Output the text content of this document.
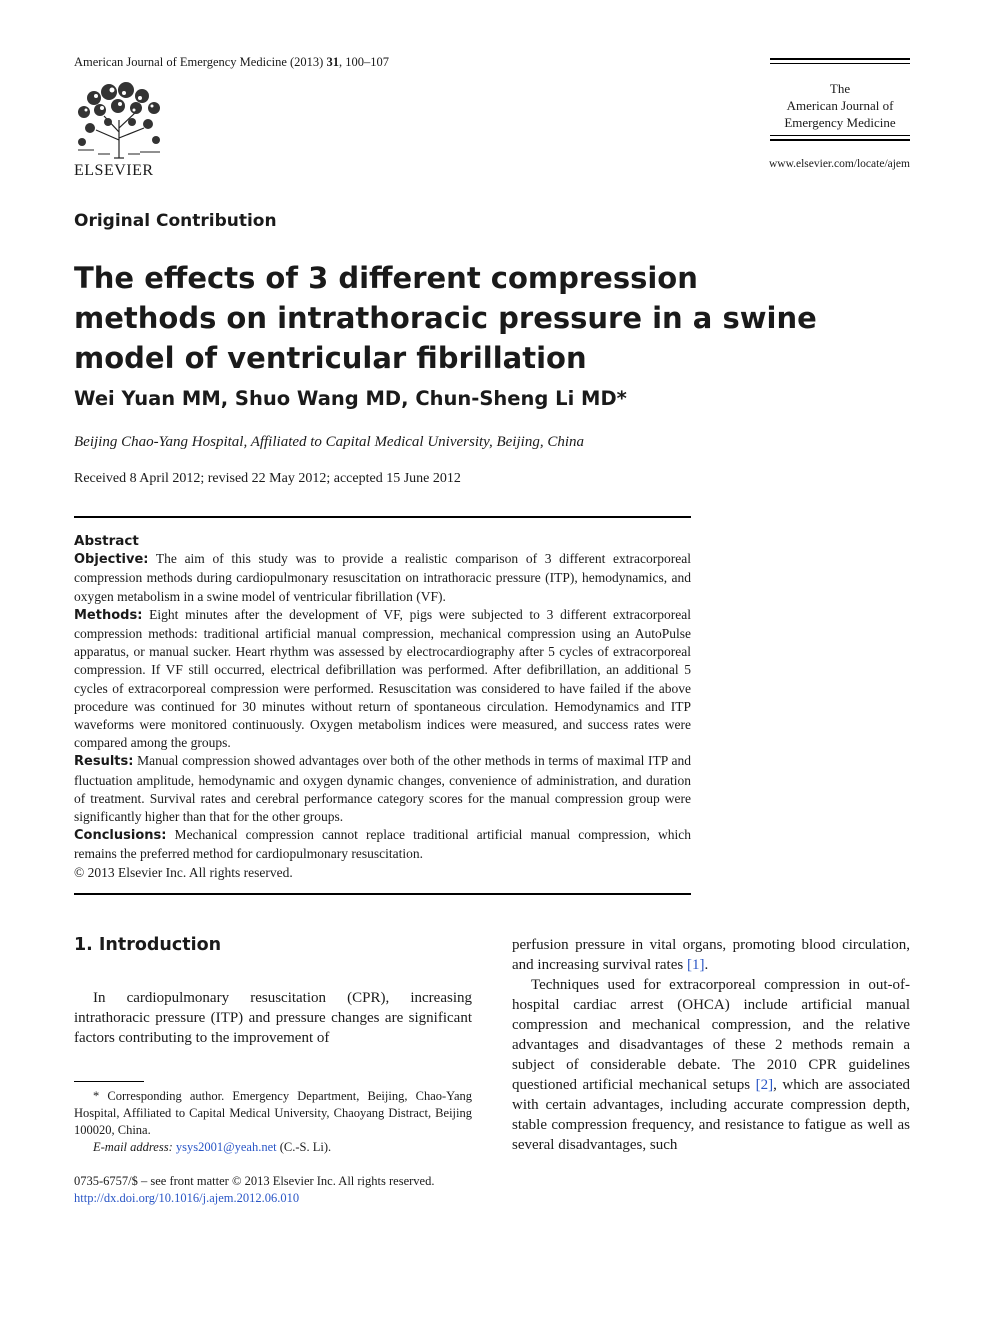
American Journal of Emergency Medicine (2013) 31, 100–107
ELSEVIER
The
American Journal of
Emergency Medicine
www.elsevier.com/locate/ajem
Original Contribution
The effects of 3 different compression methods on intrathoracic pressure in a swine model of ventricular fibrillation
Wei Yuan MM, Shuo Wang MD, Chun-Sheng Li MD*
Beijing Chao-Yang Hospital, Affiliated to Capital Medical University, Beijing, China
Received 8 April 2012; revised 22 May 2012; accepted 15 June 2012
Abstract

Objective: The aim of this study was to provide a realistic comparison of 3 different extracorporeal compression methods during cardiopulmonary resuscitation on intrathoracic pressure (ITP), hemodynamics, and oxygen metabolism in a swine model of ventricular fibrillation (VF).

Methods: Eight minutes after the development of VF, pigs were subjected to 3 different extracorporeal compression methods: traditional artificial manual compression, mechanical compression using an AutoPulse apparatus, or manual sucker. Heart rhythm was assessed by electrocardiography after 5 cycles of extracorporeal compression. If VF still occurred, electrical defibrillation was performed. After defibrillation, an additional 5 cycles of extracorporeal compression were performed. Resuscitation was considered to have failed if the above procedure was continued for 30 minutes without return of spontaneous circulation. Hemodynamics and ITP waveforms were monitored continuously. Oxygen metabolism indices were measured, and success rates were compared among the groups.

Results: Manual compression showed advantages over both of the other methods in terms of maximal ITP and fluctuation amplitude, hemodynamic and oxygen dynamic changes, convenience of administration, and duration of treatment. Survival rates and cerebral performance category scores for the manual compression group were significantly higher than that for the other groups.

Conclusions: Mechanical compression cannot replace traditional artificial manual compression, which remains the preferred method for cardiopulmonary resuscitation.

© 2013 Elsevier Inc. All rights reserved.

1. Introduction

In cardiopulmonary resuscitation (CPR), increasing intrathoracic pressure (ITP) and pressure changes are significant factors contributing to the improvement of

* Corresponding author. Emergency Department, Beijing, Chao-Yang Hospital, Affiliated to Capital Medical University, Chaoyang Distract, Beijing 100020, China.

E-mail address: ysys2001@yeah.net (C.-S. Li).

0735-6757/$ – see front matter © 2013 Elsevier Inc. All rights reserved.
http://dx.doi.org/10.1016/j.ajem.2012.06.010

perfusion pressure in vital organs, promoting blood circulation, and increasing survival rates [1].

Techniques used for extracorporeal compression in out-of-hospital cardiac arrest (OHCA) include artificial manual compression and mechanical compression, and the relative advantages and disadvantages of these 2 methods remain a subject of considerable debate. The 2010 CPR guidelines questioned artificial mechanical setups [2], which are associated with certain advantages, including accurate compression depth, stable compression frequency, and resistance to fatigue as well as several disadvantages, such
